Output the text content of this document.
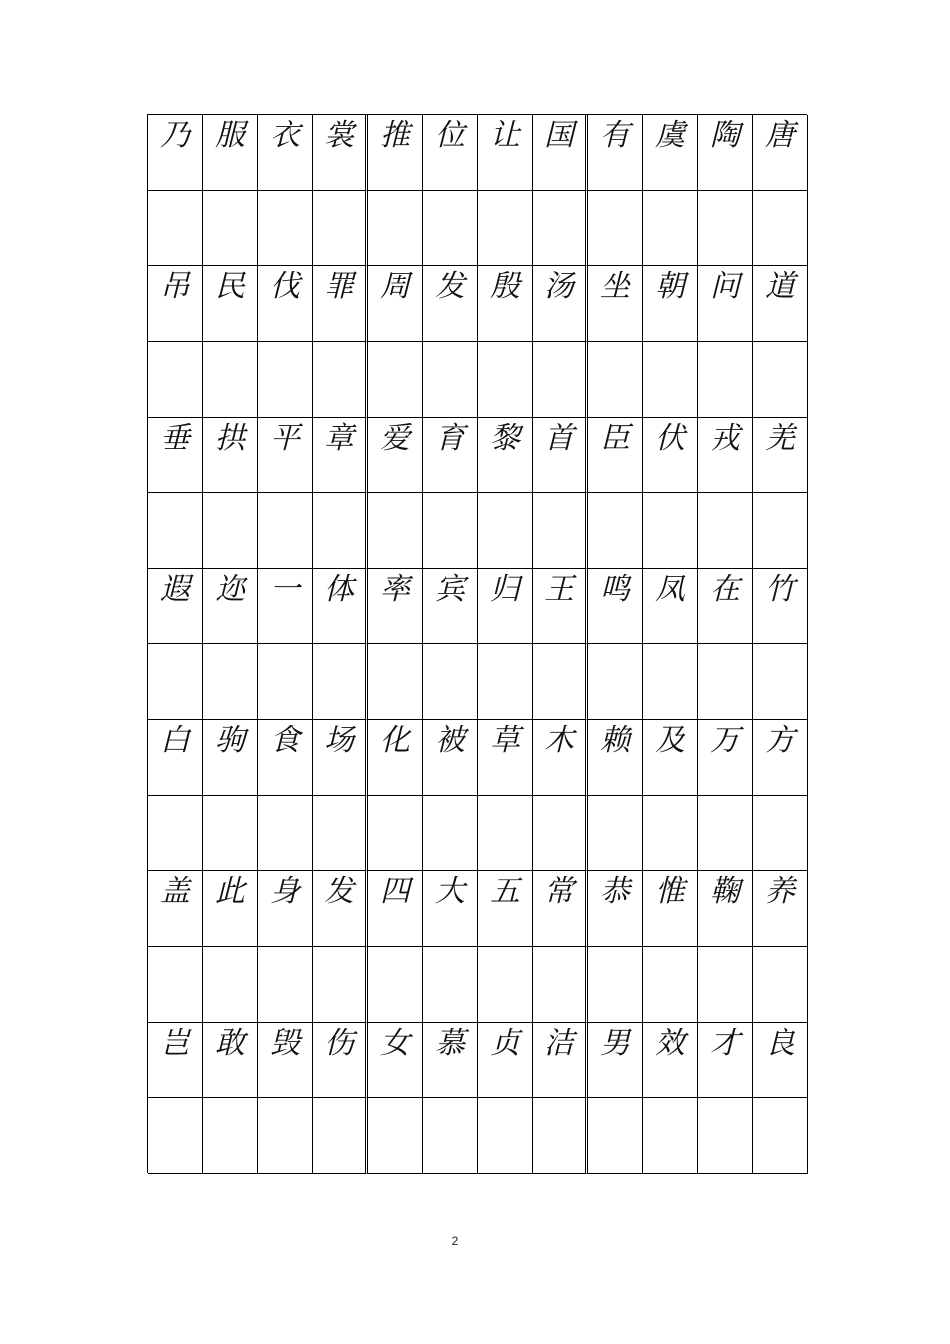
乃 服 衣 裳 推 位 让 国 有 虞 陶 唐
吊 民 伐 罪 周 发 殷 汤 坐 朝 问 道
垂 拱 平 章 爱 育 黎 首 臣 伏 戎 羌
遐 迩 一 体 率 宾 归 王 鸣 凤 在 竹
白 驹 食 场 化 被 草 木 赖 及 万 方
盖 此 身 发 四 大 五 常 恭 惟 鞠 养
岂 敢 毁 伤 女 慕 贞 洁 男 效 才 良
2
